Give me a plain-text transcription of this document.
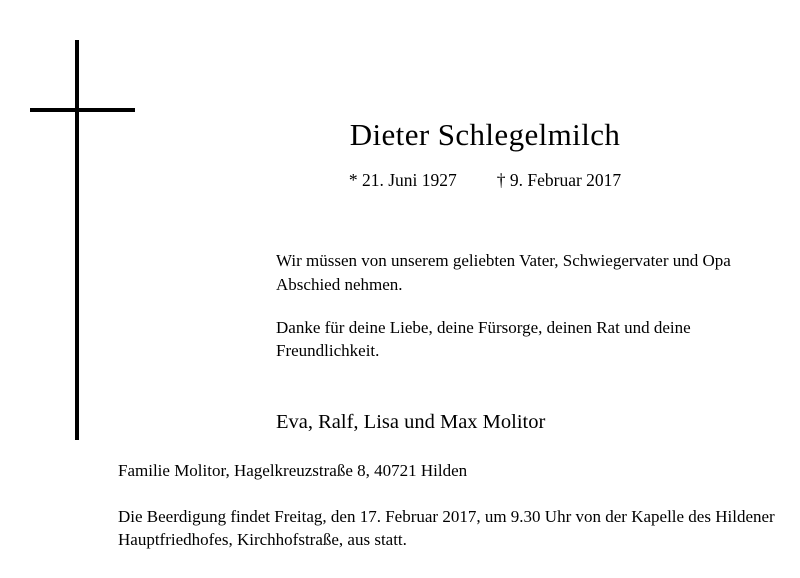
Dieter Schlegelmilch
* 21. Juni 1927 † 9. Februar 2017

Wir müssen von unserem geliebten Vater, Schwiegervater und Opa Abschied nehmen.

Danke für deine Liebe, deine Fürsorge, deinen Rat und deine Freundlichkeit.

Eva, Ralf, Lisa und Max Molitor

Familie Molitor, Hagelkreuzstraße 8, 40721 Hilden

Die Beerdigung findet Freitag, den 17. Februar 2017, um 9.30 Uhr von der Kapelle des Hildener Hauptfriedhofes, Kirchhofstraße, aus statt.
